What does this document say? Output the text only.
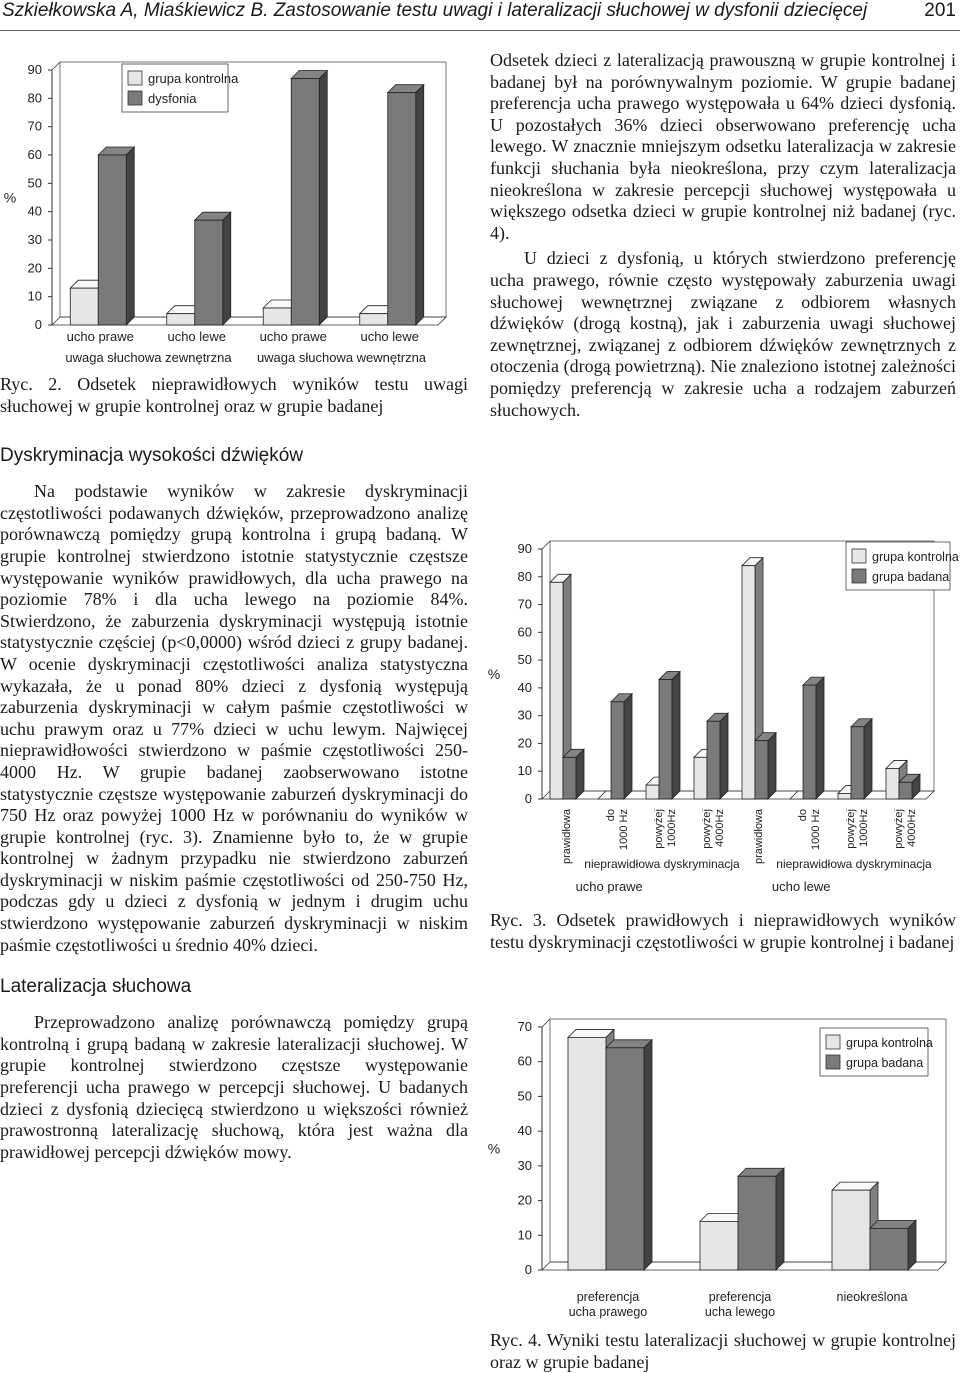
Szkiełkowska A, Miaśkiewicz B. Zastosowanie testu uwagi i lateralizacji słuchowej w dysfonii dziecięcej	201
0
10
20
30
40
50
60
70
80
90
%
ucho prawe	ucho lewe	ucho prawe	ucho lewe
uwaga słuchowa zewnętrzna uwaga słuchowa wewnętrzna
grupa kontrolna
dysfonia

Ryc. 2. Odsetek nieprawidłowych wyników testu uwagi słuchowej w grupie kontrolnej oraz w grupie badanej

Dyskryminacja wysokości dźwięków

Na podstawie wyników w zakresie dyskryminacji częstotliwości podawanych dźwięków, przeprowadzono analizę porównawczą pomiędzy grupą kontrolna i grupą badaną. W grupie kontrolnej stwierdzono istotnie statystycznie częstsze występowanie wyników prawidłowych, dla ucha prawego na poziomie 78% i dla ucha lewego na poziomie 84%. Stwierdzono, że zaburzenia dyskryminacji występują istotnie statystycznie częściej (p<0,0000) wśród dzieci z grupy badanej. W ocenie dyskryminacji częstotliwości analiza statystyczna wykazała, że u ponad 80% dzieci z dysfonią występują zaburzenia dyskryminacji w całym paśmie częstotliwości w uchu prawym oraz u 77% dzieci w uchu lewym. Najwięcej nieprawidłowości stwierdzono w paśmie częstotliwości 250-4000 Hz. W grupie badanej zaobserwowano istotne statystycznie częstsze występowanie zaburzeń dyskryminacji do 750 Hz oraz powyżej 1000 Hz w porównaniu do wyników w grupie kontrolnej (ryc. 3). Znamienne było to, że w grupie kontrolnej w żadnym przypadku nie stwierdzono zaburzeń dyskryminacji w niskim paśmie częstotliwości od 250-750 Hz, podczas gdy u dzieci z dysfonią w jednym i drugim uchu stwierdzono występowanie zaburzeń dyskryminacji w niskim paśmie częstotliwości u średnio 40% dzieci.

Lateralizacja słuchowa

Przeprowadzono analizę porównawczą pomiędzy grupą kontrolną i grupą badaną w zakresie lateralizacji słuchowej. W grupie kontrolnej stwierdzono częstsze występowanie preferencji ucha prawego w percepcji słuchowej. U badanych dzieci z dysfonią dziecięcą stwierdzono u większości również prawostronną lateralizację słuchową, która jest ważna dla prawidłowej percepcji dźwięków mowy.

Odsetek dzieci z lateralizacją prawouszną w grupie kontrolnej i badanej był na porównywalnym poziomie. W grupie badanej preferencja ucha prawego występowała u 64% dzieci dysfonią. U pozostałych 36% dzieci obserwowano preferencję ucha lewego. W znacznie mniejszym odsetku lateralizacja w zakresie funkcji słuchania była nieokreślona, przy czym lateralizacja nieokreślona w zakresie percepcji słuchowej występowała u większego odsetka dzieci w grupie kontrolnej niż badanej (ryc. 4).

U dzieci z dysfonią, u których stwierdzono preferencję ucha prawego, równie często występowały zaburzenia uwagi słuchowej wewnętrznej związane z odbiorem własnych dźwięków (drogą kostną), jak i zaburzenia uwagi słuchowej zewnętrznej, związanej z odbiorem dźwięków zewnętrznych z otoczenia (drogą powietrzną). Nie znaleziono istotnej zależności pomiędzy preferencją w zakresie ucha a rodzajem zaburzeń słuchowych.

0
10
20
30
40
50
60
70
80
90
%
prawidłowa	do1000 Hz powyżej1000Hz powyżej4000Hz prawidłowa	do1000 Hz powyżej1000Hz powyżej4000Hz
nieprawidłowa dyskryminacja	nieprawidłowa dyskryminacja
ucho prawe	ucho lewe
grupa kontrolna
grupa badana

Ryc. 3. Odsetek prawidłowych i nieprawidłowych wyników testu dyskryminacji częstotliwości w grupie kontrolnej i badanej

0
10
20
30
40
50
60
70
%
preferencja ucha prawego
preferencja ucha lewego
nieokreślona
grupa kontrolna
grupa badana

Ryc. 4. Wyniki testu lateralizacji słuchowej w grupie kontrolnej oraz w grupie badanej
